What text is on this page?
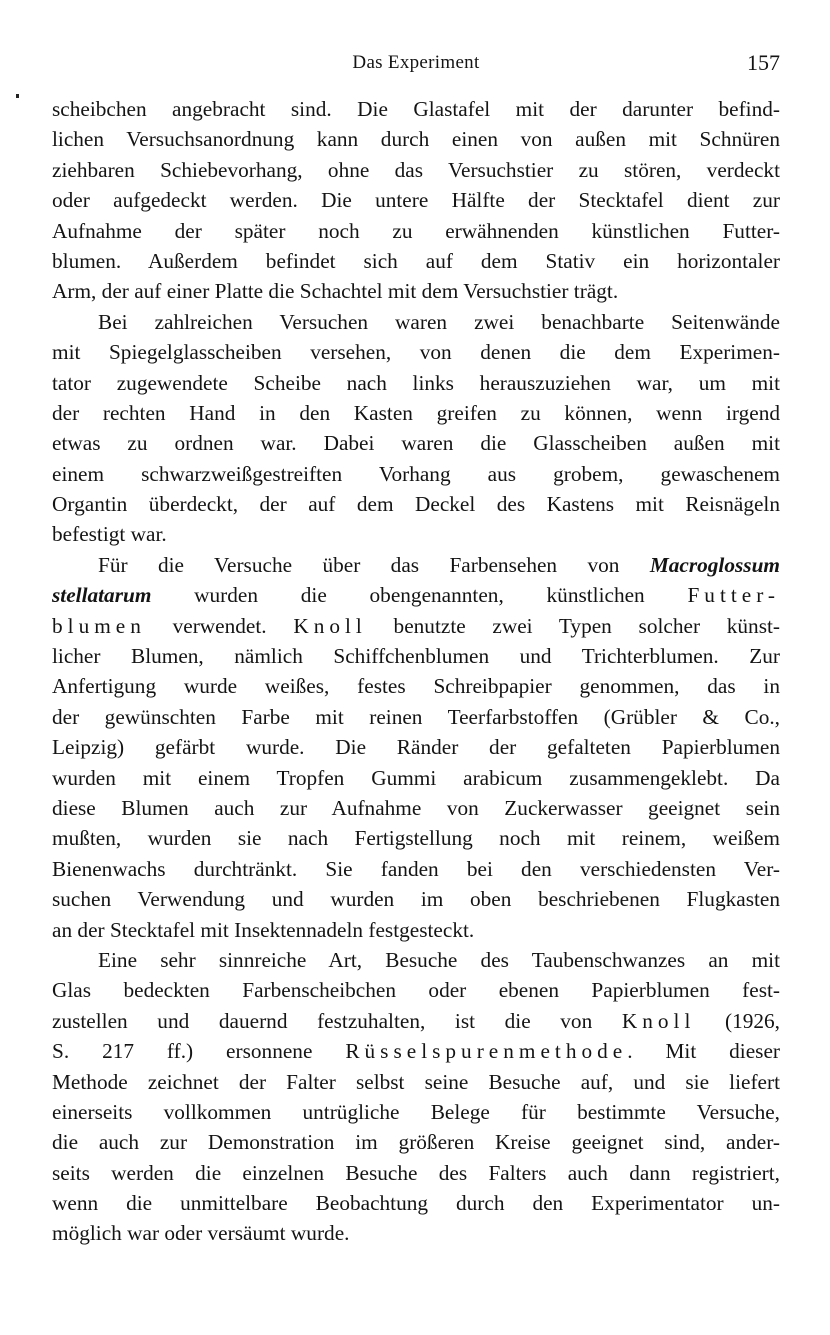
Das Experiment	157

scheibchen angebracht sind. Die Glastafel mit der darunter befind-
lichen Versuchsanordnung kann durch einen von außen mit Schnüren
ziehbaren Schiebevorhang, ohne das Versuchstier zu stören, verdeckt
oder aufgedeckt werden. Die untere Hälfte der Stecktafel dient zur
Aufnahme der später noch zu erwähnenden künstlichen Futter-
blumen. Außerdem befindet sich auf dem Stativ ein horizontaler
Arm, der auf einer Platte die Schachtel mit dem Versuchstier trägt.

Bei zahlreichen Versuchen waren zwei benachbarte Seitenwände
mit Spiegelglasscheiben versehen, von denen die dem Experimen-
tator zugewendete Scheibe nach links herauszuziehen war, um mit
der rechten Hand in den Kasten greifen zu können, wenn irgend
etwas zu ordnen war. Dabei waren die Glasscheiben außen mit
einem schwarzweißgestreiften Vorhang aus grobem, gewaschenem
Organtin überdeckt, der auf dem Deckel des Kastens mit Reisnägeln
befestigt war.

Für die Versuche über das Farbensehen von Macroglossum
stellatarum wurden die obengenannten, künstlichen Futter-
blumen verwendet. Knoll benutzte zwei Typen solcher künst-
licher Blumen, nämlich Schiffchenblumen und Trichterblumen. Zur
Anfertigung wurde weißes, festes Schreibpapier genommen, das in
der gewünschten Farbe mit reinen Teerfarbstoffen (Grübler & Co.,
Leipzig) gefärbt wurde. Die Ränder der gefalteten Papierblumen
wurden mit einem Tropfen Gummi arabicum zusammengeklebt. Da
diese Blumen auch zur Aufnahme von Zuckerwasser geeignet sein
mußten, wurden sie nach Fertigstellung noch mit reinem, weißem
Bienenwachs durchtränkt. Sie fanden bei den verschiedensten Ver-
suchen Verwendung und wurden im oben beschriebenen Flugkasten
an der Stecktafel mit Insektennadeln festgesteckt.

Eine sehr sinnreiche Art, Besuche des Taubenschwanzes an mit
Glas bedeckten Farbenscheibchen oder ebenen Papierblumen fest-
zustellen und dauernd festzuhalten, ist die von Knoll (1926,
S. 217 ff.) ersonnene Rüsselspurenmethode. Mit dieser
Methode zeichnet der Falter selbst seine Besuche auf, und sie liefert
einerseits vollkommen untrügliche Belege für bestimmte Versuche,
die auch zur Demonstration im größeren Kreise geeignet sind, ander-
seits werden die einzelnen Besuche des Falters auch dann registriert,
wenn die unmittelbare Beobachtung durch den Experimentator un-
möglich war oder versäumt wurde.
